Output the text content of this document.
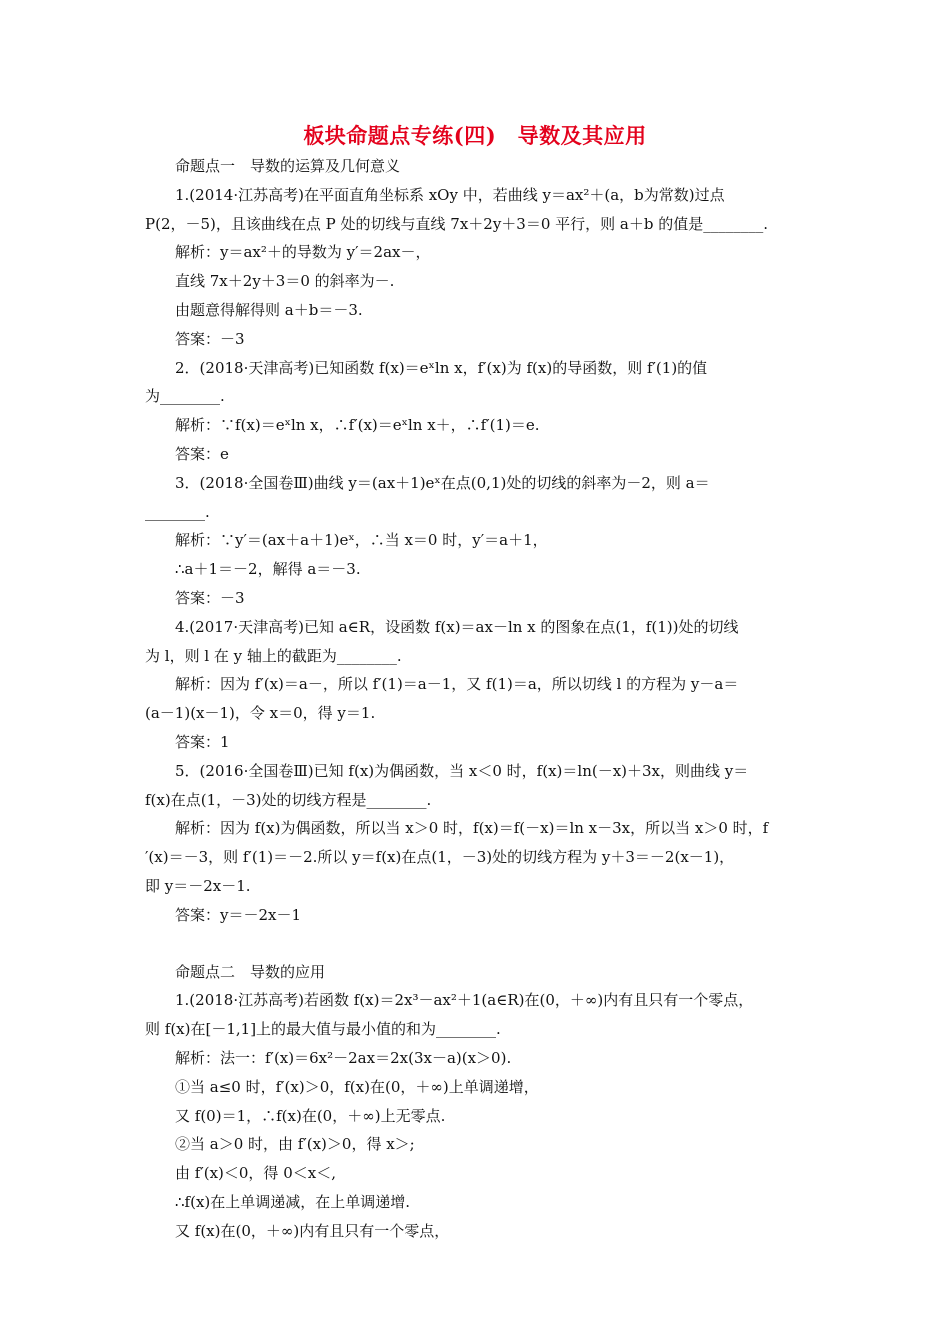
板块命题点专练(四)　导数及其应用
命题点一　导数的运算及几何意义
1.(2014·江苏高考)在平面直角坐标系 xOy 中，若曲线 y＝ax²＋(a，b为常数)过点
P(2，－5)，且该曲线在点 P 处的切线与直线 7x＋2y＋3＝0 平行，则 a＋b 的值是________.
解析：y＝ax²＋的导数为 y′＝2ax－，
直线 7x＋2y＋3＝0 的斜率为－.
由题意得解得则 a＋b＝－3.
答案：－3
2．(2018·天津高考)已知函数 f(x)＝eˣln x，f′(x)为 f(x)的导函数，则 f′(1)的值
为________.
解析：∵f(x)＝eˣln x，∴f′(x)＝eˣln x＋，∴f′(1)＝e.
答案：e
3．(2018·全国卷Ⅲ)曲线 y＝(ax＋1)eˣ在点(0,1)处的切线的斜率为－2，则 a＝
________.
解析：∵y′＝(ax＋a＋1)eˣ，∴当 x＝0 时，y′＝a＋1，
∴a＋1＝－2，解得 a＝－3.
答案：－3
4.(2017·天津高考)已知 a∈R，设函数 f(x)＝ax－ln x 的图象在点(1，f(1))处的切线
为 l，则 l 在 y 轴上的截距为________.
解析：因为 f′(x)＝a－，所以 f′(1)＝a－1，又 f(1)＝a，所以切线 l 的方程为 y－a＝
(a－1)(x－1)，令 x＝0，得 y＝1.
答案：1
5．(2016·全国卷Ⅲ)已知 f(x)为偶函数，当 x＜0 时，f(x)＝ln(－x)＋3x，则曲线 y＝
f(x)在点(1，－3)处的切线方程是________.
解析：因为 f(x)为偶函数，所以当 x＞0 时，f(x)＝f(－x)＝ln x－3x，所以当 x＞0 时，f
′(x)＝－3，则 f′(1)＝－2.所以 y＝f(x)在点(1，－3)处的切线方程为 y＋3＝－2(x－1)，
即 y＝－2x－1.
答案：y＝－2x－1
命题点二　导数的应用
1.(2018·江苏高考)若函数 f(x)＝2x³－ax²＋1(a∈R)在(0，＋∞)内有且只有一个零点，
则 f(x)在[－1,1]上的最大值与最小值的和为________.
解析：法一：f′(x)＝6x²－2ax＝2x(3x－a)(x＞0).
①当 a≤0 时，f′(x)＞0，f(x)在(0，＋∞)上单调递增，
又 f(0)＝1，∴f(x)在(0，＋∞)上无零点.
②当 a＞0 时，由 f′(x)＞0，得 x＞;
由 f′(x)＜0，得 0＜x＜,
∴f(x)在上单调递减，在上单调递增.
又 f(x)在(0，＋∞)内有且只有一个零点，
